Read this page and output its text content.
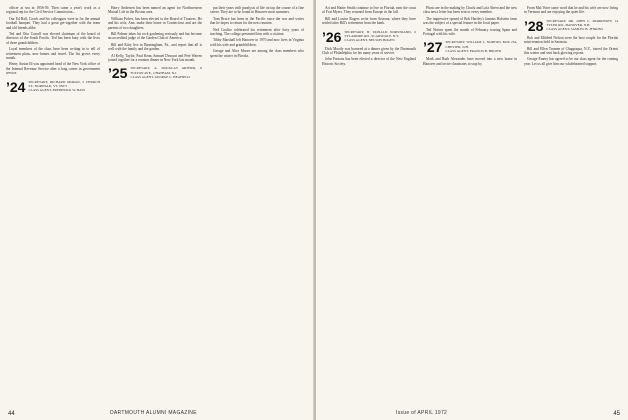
officer at sea in 1956-59. Then came a year's work as a regional rep for the Civil Service Commission...

Our Ed Ball, Coach and his colleagues were in for the annual football banquet. They had a great get-together with the team and old friends alike.

Ted and Otto Carroll was elected chairman of the board of directors of the South Pacific. Ted has been busy with the lives of three grandchildren.

Loyal members of the class have been writing in to tell of retirement plans, new homes and travel. The list grows every month.

Henry Austin Ill was appointed head of the New York office of the Internal Revenue Service after a long career in government service.

’24 SECRETARY, RICHARD MORAN, 5 CHURCH ST., NORWALK, VT. 05071
CLASS AGENT, FREDERICK W. BASS

Harry Andersen has been named an agent for Northwestern Mutual Life in the Boston area.

William Pulver, has been elected to the Board of Trustees. He and his wife, Ann, make their home in Connecticut and are the parents of two daughters.

Bill Palmer takes his rock gardening seriously and has become an accredited judge of the Garden Club of America.

Bill and Kitty live in Birmingham, Pa., and report that all is well with the family and the garden.

Al Kelly, Taylor, Paul Kean, Samuel Dawson and Pete Warren joined together for a reunion dinner in New York last month.

’25 SECRETARY, A. DOUGLAS ARTHUR, 8 FULTON AVE., CHATHAM, N.J.
CLASS AGENT, GEORGE C. HEAFIELD

put their years with paralysis of life on top the course of a fine career. They are to be found in Hanover most summers.

Tom Bruce has been in the Pacific since the war and writes that he hopes to return for the next reunion.

Ned Coulter celebrated his retirement after forty years of teaching. The college presented him with a citation.

Tibby Marshall left Hanover in 1970 and now lives in Virginia with his wife and grandchildren.

George and Alice Moore are among the class members who spent the winter in Florida.

44	DARTMOUTH ALUMNI MAGAZINE

Art and Hattie Smith continue to live in Florida, near the coast of Fort Myers. They returned from Europe in the fall.

Bill and Louise Rogers write from Arizona, where they have settled after Bill's retirement from the bank.

’26 SECRETARY, H. DONALD NORSTRAND, 6 SYCAMORE RD., SCARSDALE, N.Y.
CLASS AGENT, NELSON BOGEN

Dick Moody was honored at a dinner given by the Dartmouth Club of Philadelphia for his many years of service.

John Parsons has been elected a director of the New England Historic Society.

Photo are in the making by Chuck and Lola Ahern and the new class news letter has been sent to every member.

The impressive spread of Bob Hartley's famous Holstein farm was the subject of a special feature in the local paper.

Ted Norton spent the month of February touring Spain and Portugal with his wife.

’27 SECRETARY, WILLIAM L. NORTON, BOX 254, CHESTER, N.H.
CLASS AGENT, FRANCIS B. BROWN

Mark and Ruth Alexander have moved into a new home in Hanover and invite classmates to stop by.

From Mal Voter came word that he and his wife are now living in Vermont and are enjoying the quiet life.

’28 SECRETARY, DR. JOHN C. MORRISSEY, 14 TYLER RD., HANOVER, N.H.
CLASS AGENT, SAMUEL B. JENKINS

Bob and Mildred Nelson were the host couple for the Florida mini-reunion held in Sarasota.

Bill and Ellen Trumen of Chappaqua, N.Y., toured the Orient this winter and sent back glowing reports.

George Emery has agreed to be our class agent for the coming year. Let us all give him our wholehearted support.

Issue of APRIL 1972	45
